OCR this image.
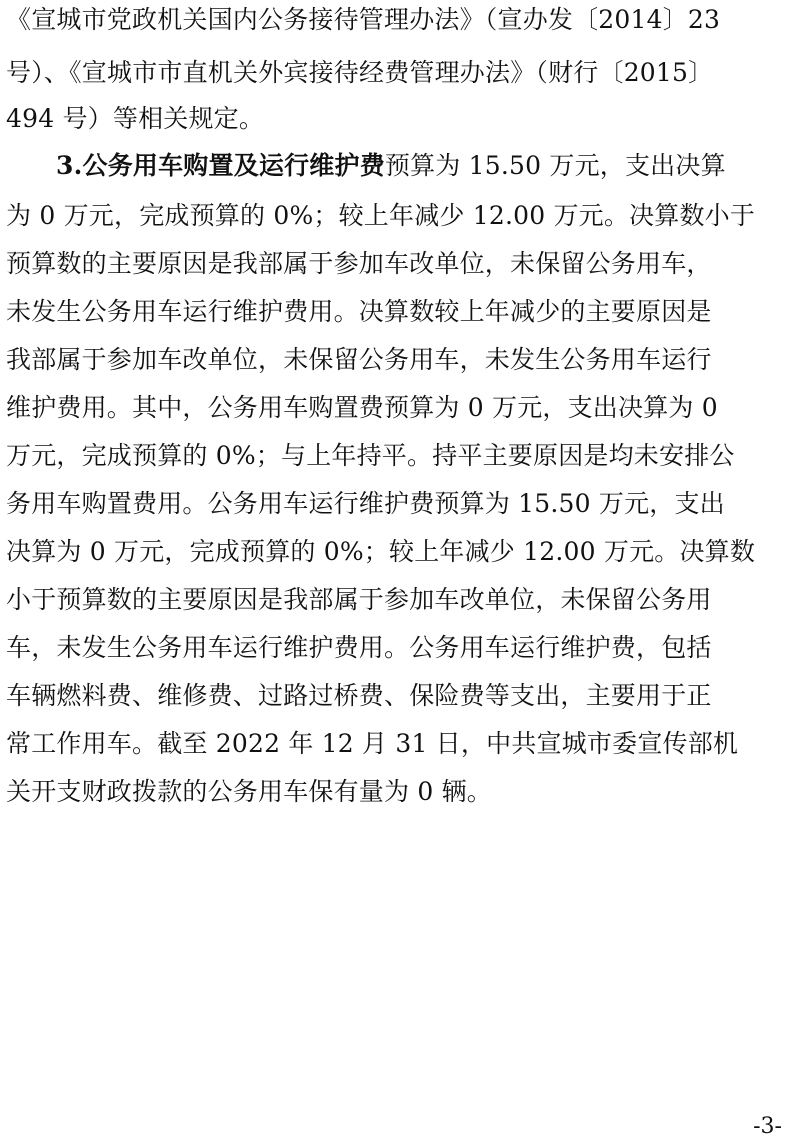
《宣城市党政机关国内公务接待管理办法》（宣办发〔2014〕23
号）、《宣城市市直机关外宾接待经费管理办法》（财行〔2015〕
494 号）等相关规定。
3.公务用车购置及运行维护费预算为 15.50 万元，支出决算
为 0 万元，完成预算的 0%；较上年减少 12.00 万元。决算数小于
预算数的主要原因是我部属于参加车改单位，未保留公务用车，
未发生公务用车运行维护费用。决算数较上年减少的主要原因是
我部属于参加车改单位，未保留公务用车，未发生公务用车运行
维护费用。其中，公务用车购置费预算为 0 万元，支出决算为 0
万元，完成预算的 0%；与上年持平。持平主要原因是均未安排公
务用车购置费用。公务用车运行维护费预算为 15.50 万元，支出
决算为 0 万元，完成预算的 0%；较上年减少 12.00 万元。决算数
小于预算数的主要原因是我部属于参加车改单位，未保留公务用
车，未发生公务用车运行维护费用。公务用车运行维护费，包括
车辆燃料费、维修费、过路过桥费、保险费等支出，主要用于正
常工作用车。截至 2022 年 12 月 31 日，中共宣城市委宣传部机
关开支财政拨款的公务用车保有量为 0 辆。
-3-
